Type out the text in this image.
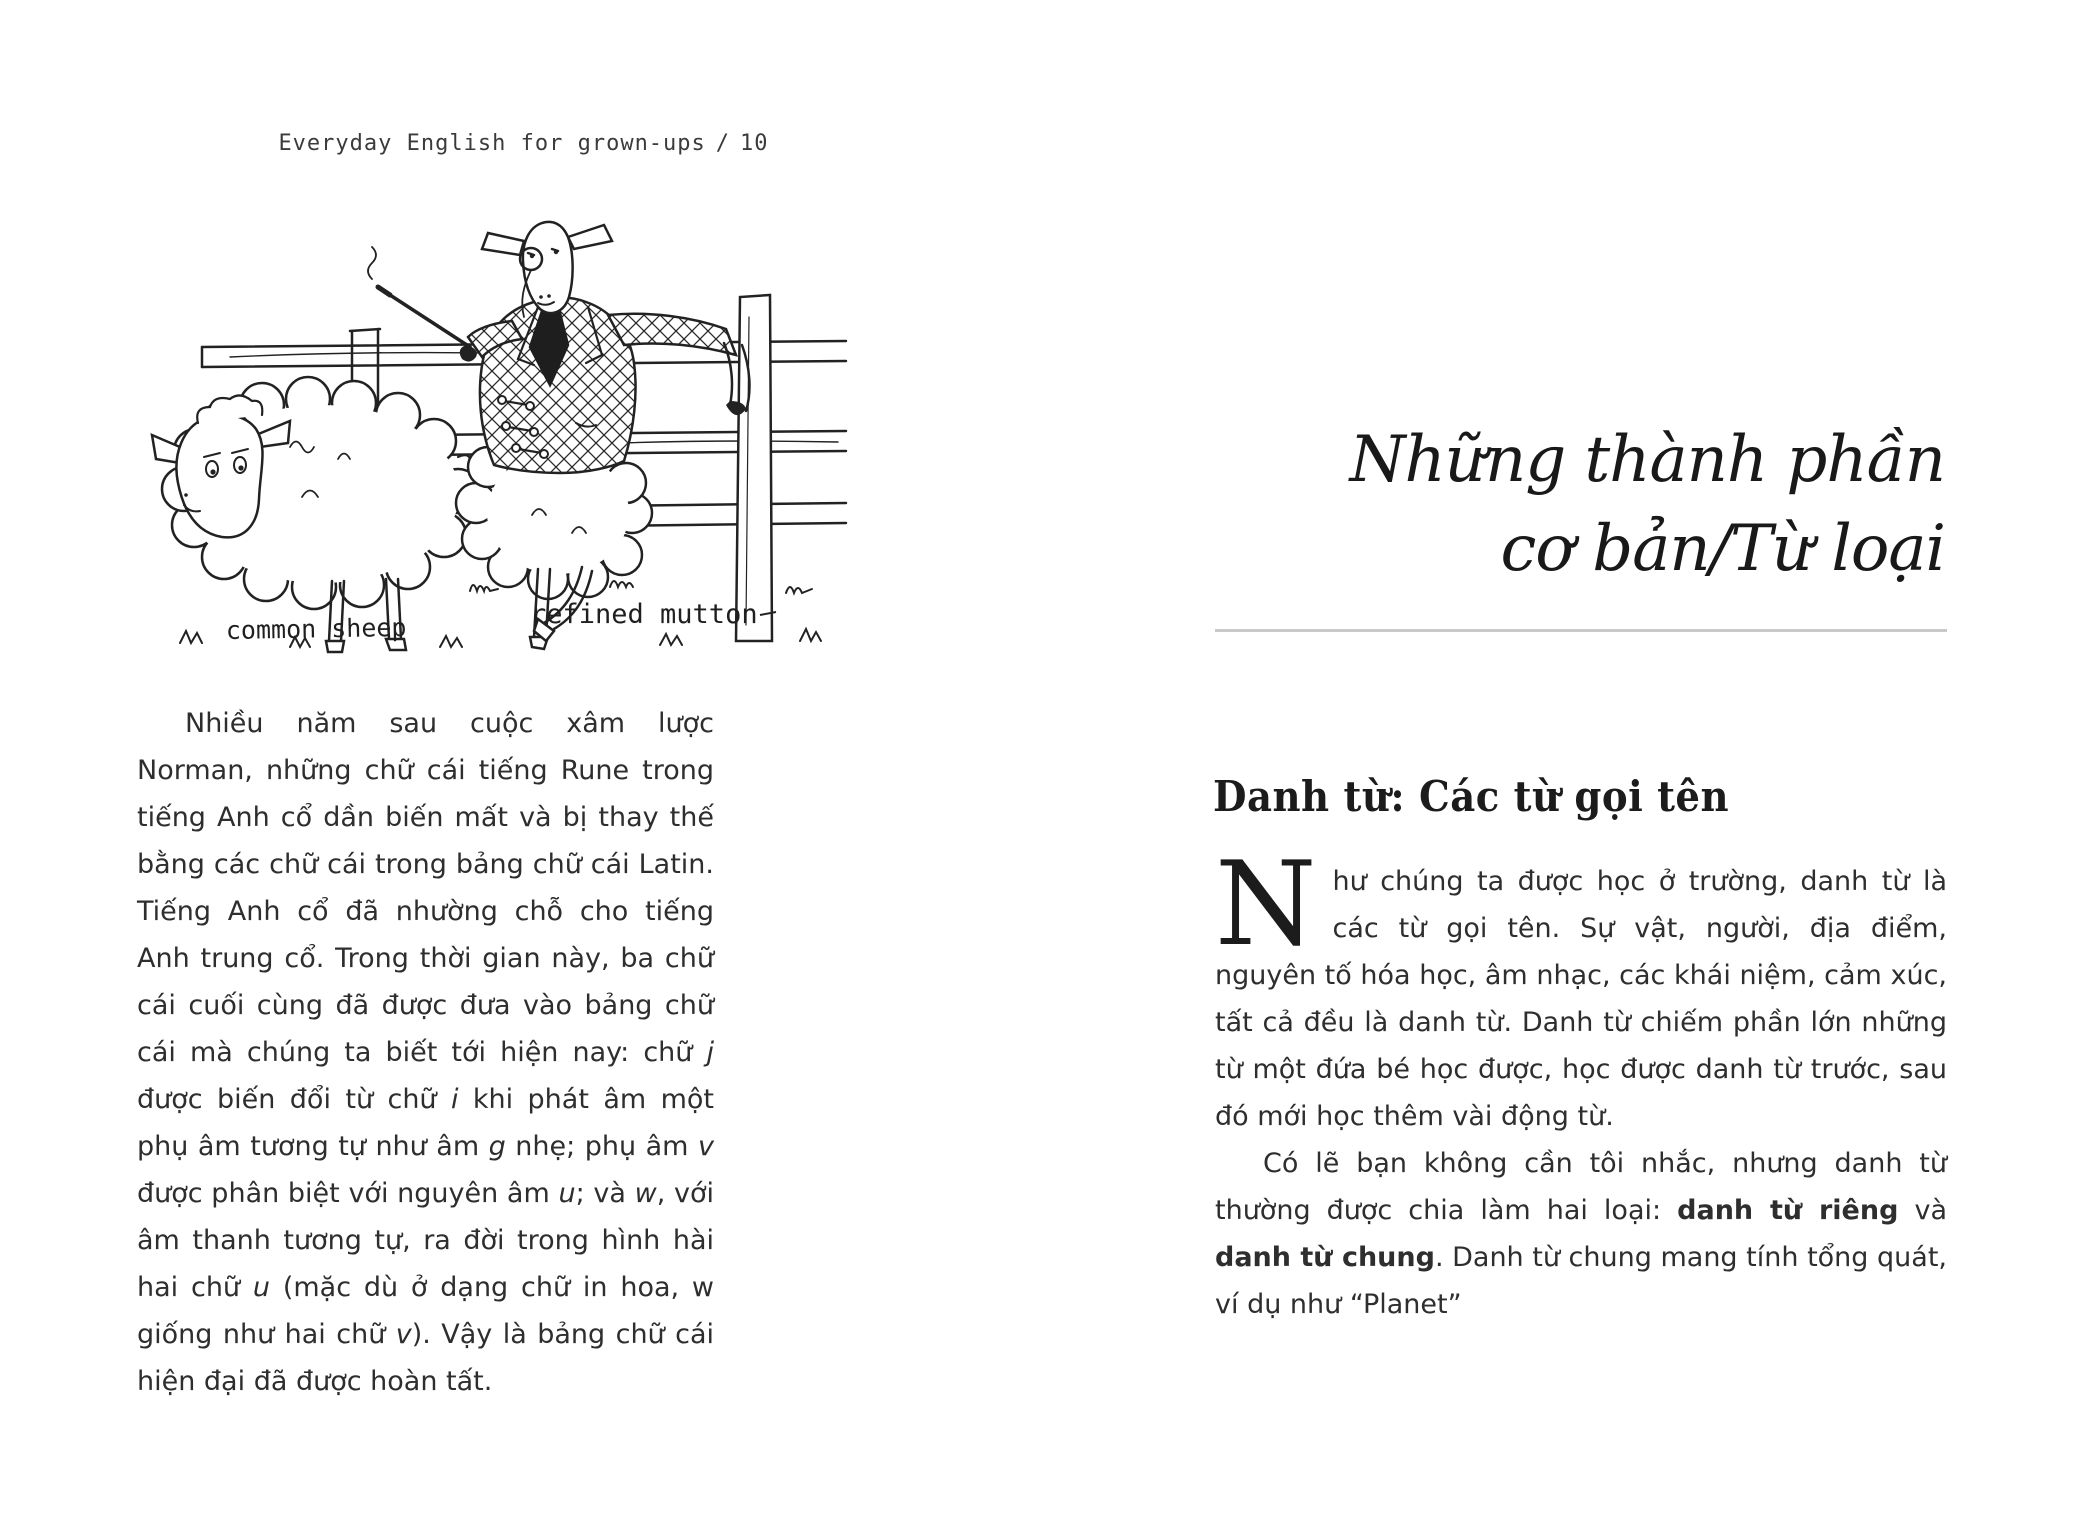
Everyday English for grown-ups / 10
common sheep	refined mutton

Nhiều năm sau cuộc xâm lược Norman, những chữ cái tiếng Rune trong tiếng Anh cổ dần biến mất và bị thay thế bằng các chữ cái trong bảng chữ cái Latin. Tiếng Anh cổ đã nhường chỗ cho tiếng Anh trung cổ. Trong thời gian này, ba chữ cái cuối cùng đã được đưa vào bảng chữ cái mà chúng ta biết tới hiện nay: chữ j được biến đổi từ chữ i khi phát âm một phụ âm tương tự như âm g nhẹ; phụ âm v được phân biệt với nguyên âm u; và w, với âm thanh tương tự, ra đời trong hình hài hai chữ u (mặc dù ở dạng chữ in hoa, w giống như hai chữ v). Vậy là bảng chữ cái hiện đại đã được hoàn tất.

Những thành phần
cơ bản/Từ loại
Danh từ: Các từ gọi tên

Như chúng ta được học ở trường, danh từ là các từ gọi tên. Sự vật, người, địa điểm, nguyên tố hóa học, âm nhạc, các khái niệm, cảm xúc, tất cả đều là danh từ. Danh từ chiếm phần lớn những từ một đứa bé học được, học được danh từ trước, sau đó mới học thêm vài động từ.

Có lẽ bạn không cần tôi nhắc, nhưng danh từ thường được chia làm hai loại: danh từ riêng và danh từ chung. Danh từ chung mang tính tổng quát, ví dụ như “Planet”
